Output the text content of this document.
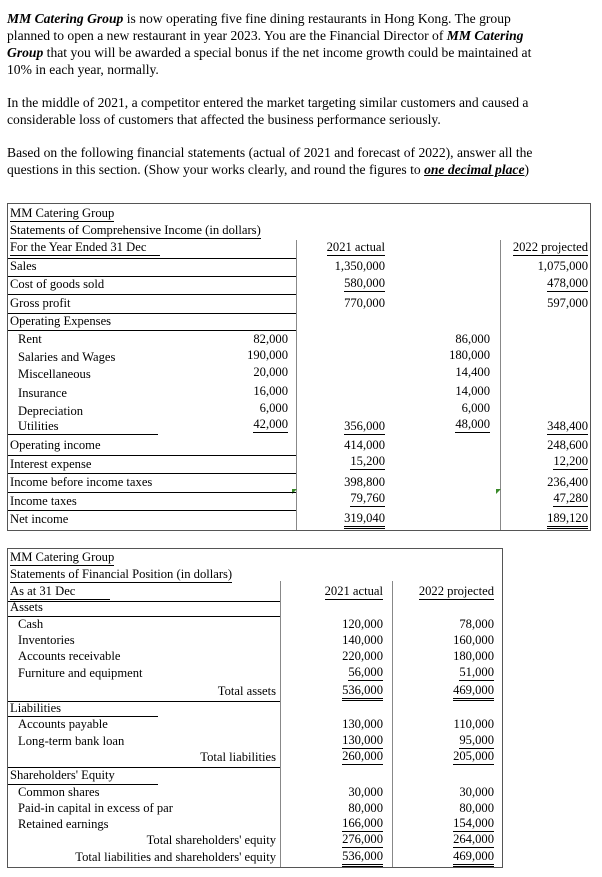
MM Catering Group is now operating five fine dining restaurants in Hong Kong. The group planned to open a new restaurant in year 2023. You are the Financial Director of MM Catering Group that you will be awarded a special bonus if the net income growth could be maintained at 10% in each year, normally.
In the middle of 2021, a competitor entered the market targeting similar customers and caused a considerable loss of customers that affected the business performance seriously.
Based on the following financial statements (actual of 2021 and forecast of 2022), answer all the questions in this section. (Show your works clearly, and round the figures to one decimal place)
MM Catering Group
Statements of Comprehensive Income (in dollars)
For the Year Ended 31 Dec	2021 actual	2022 projected
Sales	1,350,000	1,075,000
Cost of goods sold	580,000	478,000
Gross profit	770,000	597,000
Operating Expenses
Rent	82,000	86,000
Salaries and Wages	190,000	180,000
Miscellaneous	20,000	14,400
Insurance	16,000	14,000
Depreciation	6,000	6,000
Utilities	42,000	48,000
356,000	348,400
Operating income	414,000	248,600
Interest expense	15,200	12,200
Income before income taxes	398,800	236,400
Income taxes	79,760	47,280
Net income	319,040	189,120
MM Catering Group
Statements of Financial Position (in dollars)
As at 31 Dec	2021 actual	2022 projected
Assets
Cash	120,000	78,000
Inventories	140,000	160,000
Accounts receivable	220,000	180,000
Furniture and equipment	56,000	51,000
Total assets	536,000	469,000
Liabilities
Accounts payable	130,000	110,000
Long-term bank loan	130,000	95,000
Total liabilities	260,000	205,000
Shareholders' Equity
Common shares	30,000	30,000
Paid-in capital in excess of par	80,000	80,000
Retained earnings	166,000	154,000
Total shareholders' equity	276,000	264,000
Total liabilities and shareholders' equity	536,000	469,000
